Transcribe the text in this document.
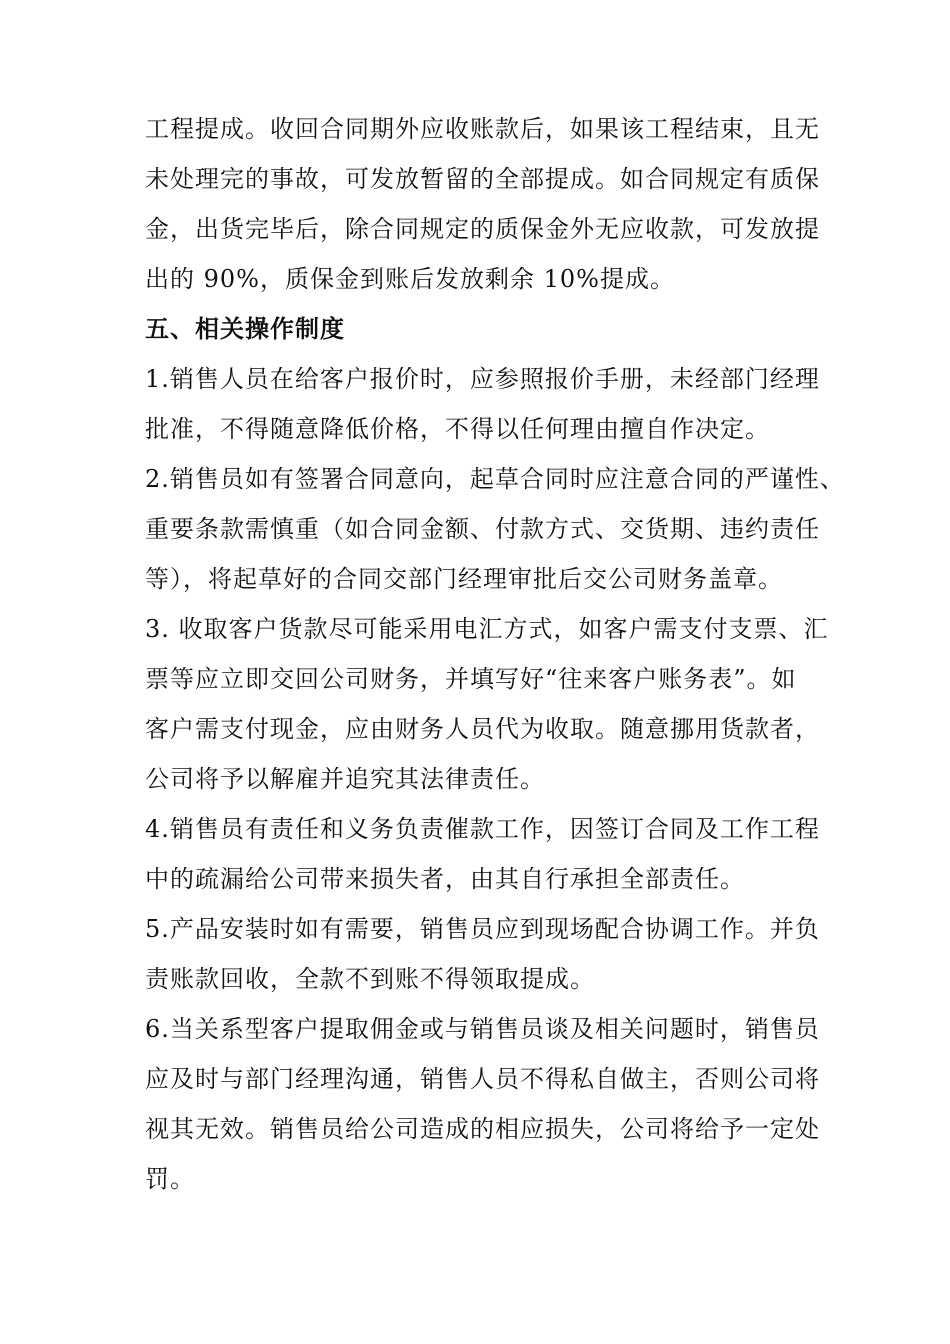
工程提成。收回合同期外应收账款后，如果该工程结束，且无
未处理完的事故，可发放暂留的全部提成。如合同规定有质保
金，出货完毕后，除合同规定的质保金外无应收款，可发放提
出的 90%，质保金到账后发放剩余 10%提成。
五、相关操作制度
1.销售人员在给客户报价时，应参照报价手册，未经部门经理
批准，不得随意降低价格，不得以任何理由擅自作决定。
2.销售员如有签署合同意向，起草合同时应注意合同的严谨性、
重要条款需慎重（如合同金额、付款方式、交货期、违约责任
等），将起草好的合同交部门经理审批后交公司财务盖章。
3. 收取客户货款尽可能采用电汇方式，如客户需支付支票、汇
票等应立即交回公司财务，并填写好“往来客户账务表”。如
客户需支付现金，应由财务人员代为收取。随意挪用货款者，
公司将予以解雇并追究其法律责任。
4.销售员有责任和义务负责催款工作，因签订合同及工作工程
中的疏漏给公司带来损失者，由其自行承担全部责任。
5.产品安装时如有需要，销售员应到现场配合协调工作。并负
责账款回收，全款不到账不得领取提成。
6.当关系型客户提取佣金或与销售员谈及相关问题时，销售员
应及时与部门经理沟通，销售人员不得私自做主，否则公司将
视其无效。销售员给公司造成的相应损失，公司将给予一定处
罚。
